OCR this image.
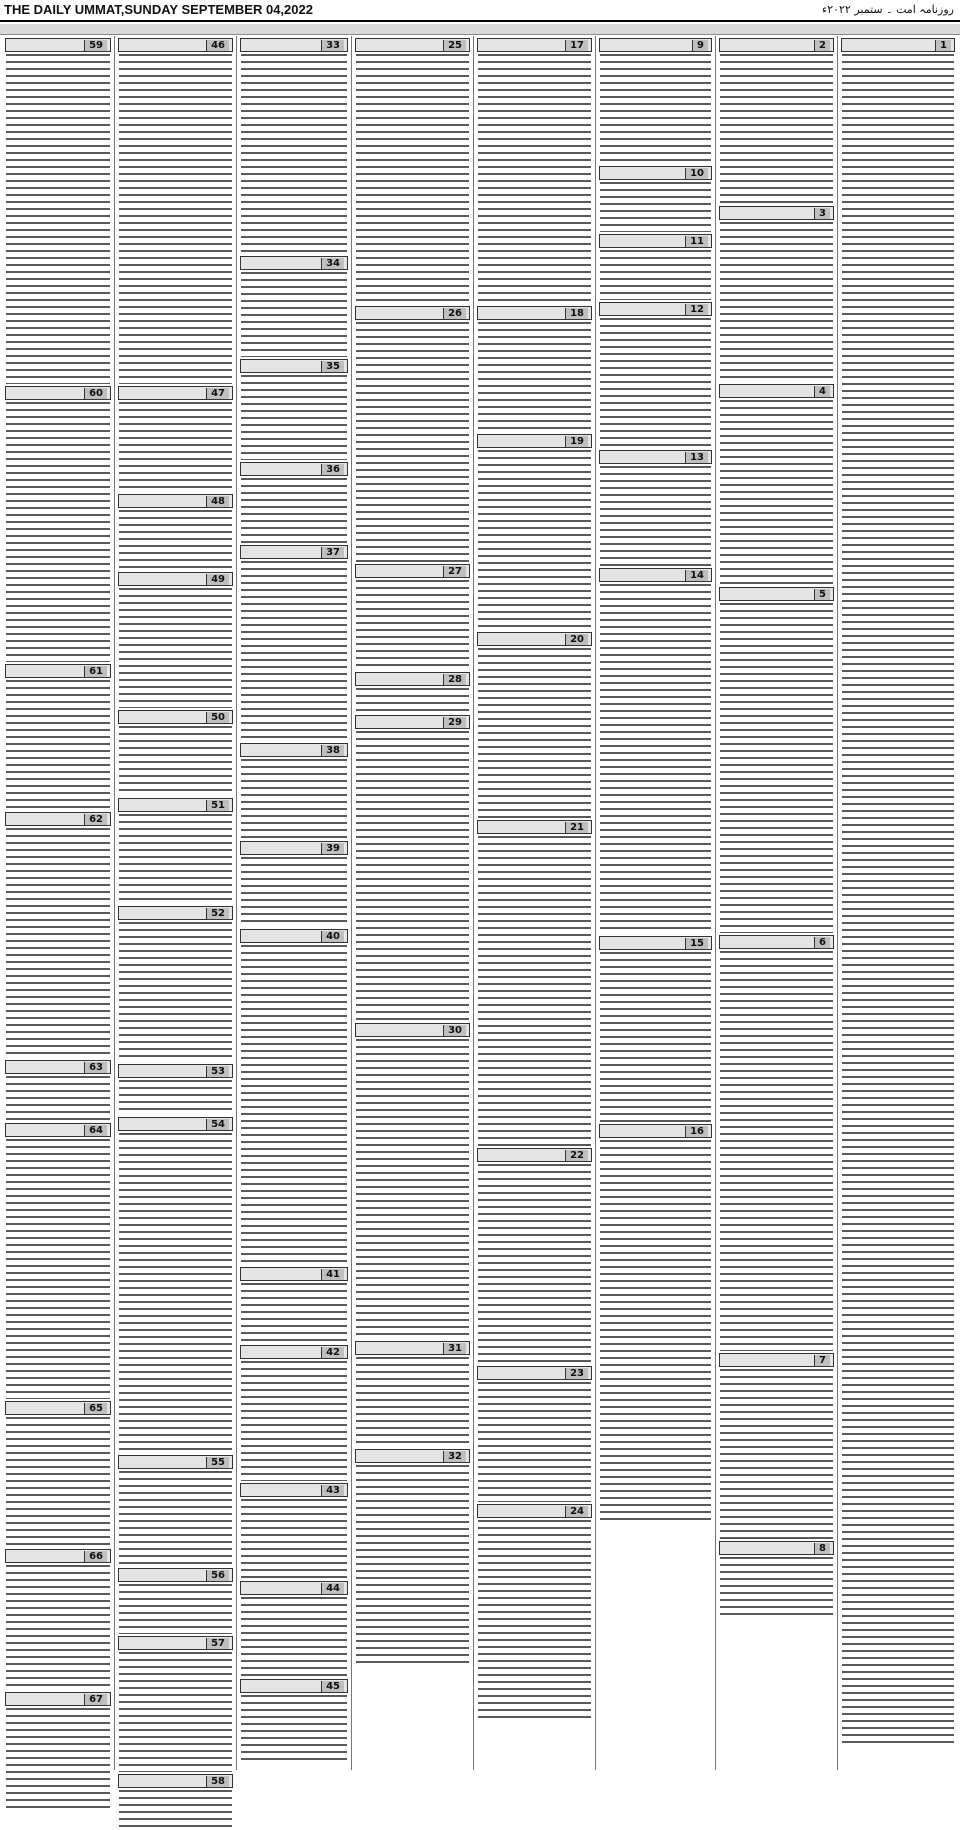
THE DAILY UMMAT,SUNDAY SEPTEMBER 04,2022	روزنامہ امت ۔ ستمبر ۲۰۲۲ء
59
60
61
62
63
64
65
66
67
46
47
48
49
50
51
52
53
54
55
56
57
58
33
34
35
36
37
38
39
40
41
42
43
44
45
25
26
27
28
29
30
31
32
17
18
19
20
21
22
23
24
9
10
11
12
13
14
15
16
2
3
4
5
6
7
8
1
